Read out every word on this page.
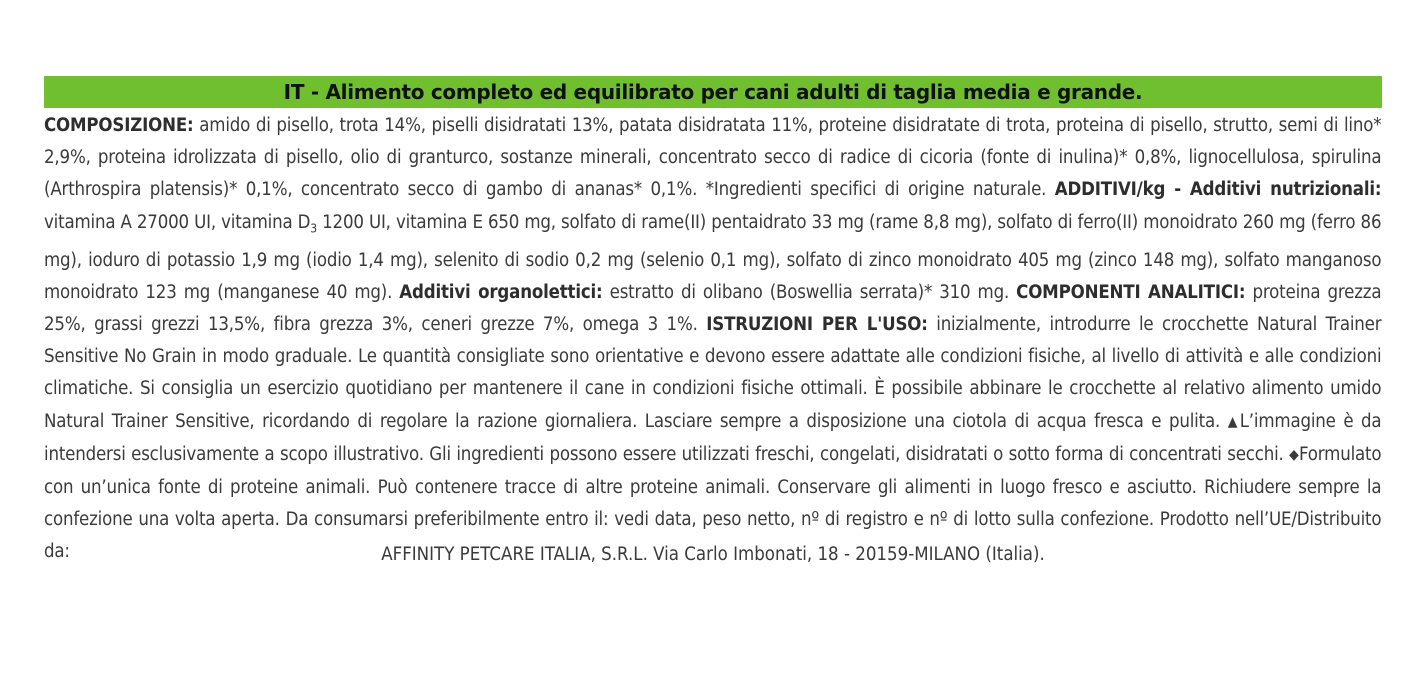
IT - Alimento completo ed equilibrato per cani adulti di taglia media e grande.
COMPOSIZIONE: amido di pisello, trota 14%, piselli disidratati 13%, patata disidratata 11%, proteine disidratate di trota, proteina di pisello, strutto, semi di lino* 2,9%, proteina idrolizzata di pisello, olio di granturco, sostanze minerali, concentrato secco di radice di cicoria (fonte di inulina)* 0,8%, lignocellulosa, spirulina (Arthrospira platensis)* 0,1%, concentrato secco di gambo di ananas* 0,1%. *Ingredienti specifici di origine naturale. ADDITIVI/kg - Additivi nutrizionali: vitamina A 27000 UI, vitamina $D_3$ 1200 UI, vitamina E 650 mg, solfato di rame(II) pentaidrato 33 mg (rame 8,8 mg), solfato di ferro(II) monoidrato 260 mg (ferro 86 mg), ioduro di potassio 1,9 mg (iodio 1,4 mg), selenito di sodio 0,2 mg (selenio 0,1 mg), solfato di zinco monoidrato 405 mg (zinco 148 mg), solfato manganoso monoidrato 123 mg (manganese 40 mg). Additivi organolettici: estratto di olibano (Boswellia serrata)* 310 mg. COMPONENTI ANALITICI: proteina grezza 25%, grassi grezzi 13,5%, fibra grezza 3%, ceneri grezze 7%, omega 3 1%. ISTRUZIONI PER L'USO: inizialmente, introdurre le crocchette Natural Trainer Sensitive No Grain in modo graduale. Le quantità consigliate sono orientative e devono essere adattate alle condizioni fisiche, al livello di attività e alle condizioni climatiche. Si consiglia un esercizio quotidiano per mantenere il cane in condizioni fisiche ottimali. È possibile abbinare le crocchette al relativo alimento umido Natural Trainer Sensitive, ricordando di regolare la razione giornaliera. Lasciare sempre a disposizione una ciotola di acqua fresca e pulita. ▲L’immagine è da intendersi esclusivamente a scopo illustrativo. Gli ingredienti possono essere utilizzati freschi, congelati, disidratati o sotto forma di concentrati secchi. ◆Formulato con un’unica fonte di proteine animali. Può contenere tracce di altre proteine animali. Conservare gli alimenti in luogo fresco e asciutto. Richiudere sempre la confezione una volta aperta. Da consumarsi preferibilmente entro il: vedi data, peso netto, nº di registro e nº di lotto sulla confezione. Prodotto nell’UE/Distribuito da:	AFFINITY PETCARE ITALIA, S.R.L. Via Carlo Imbonati, 18 - 20159-MILANO (Italia).
